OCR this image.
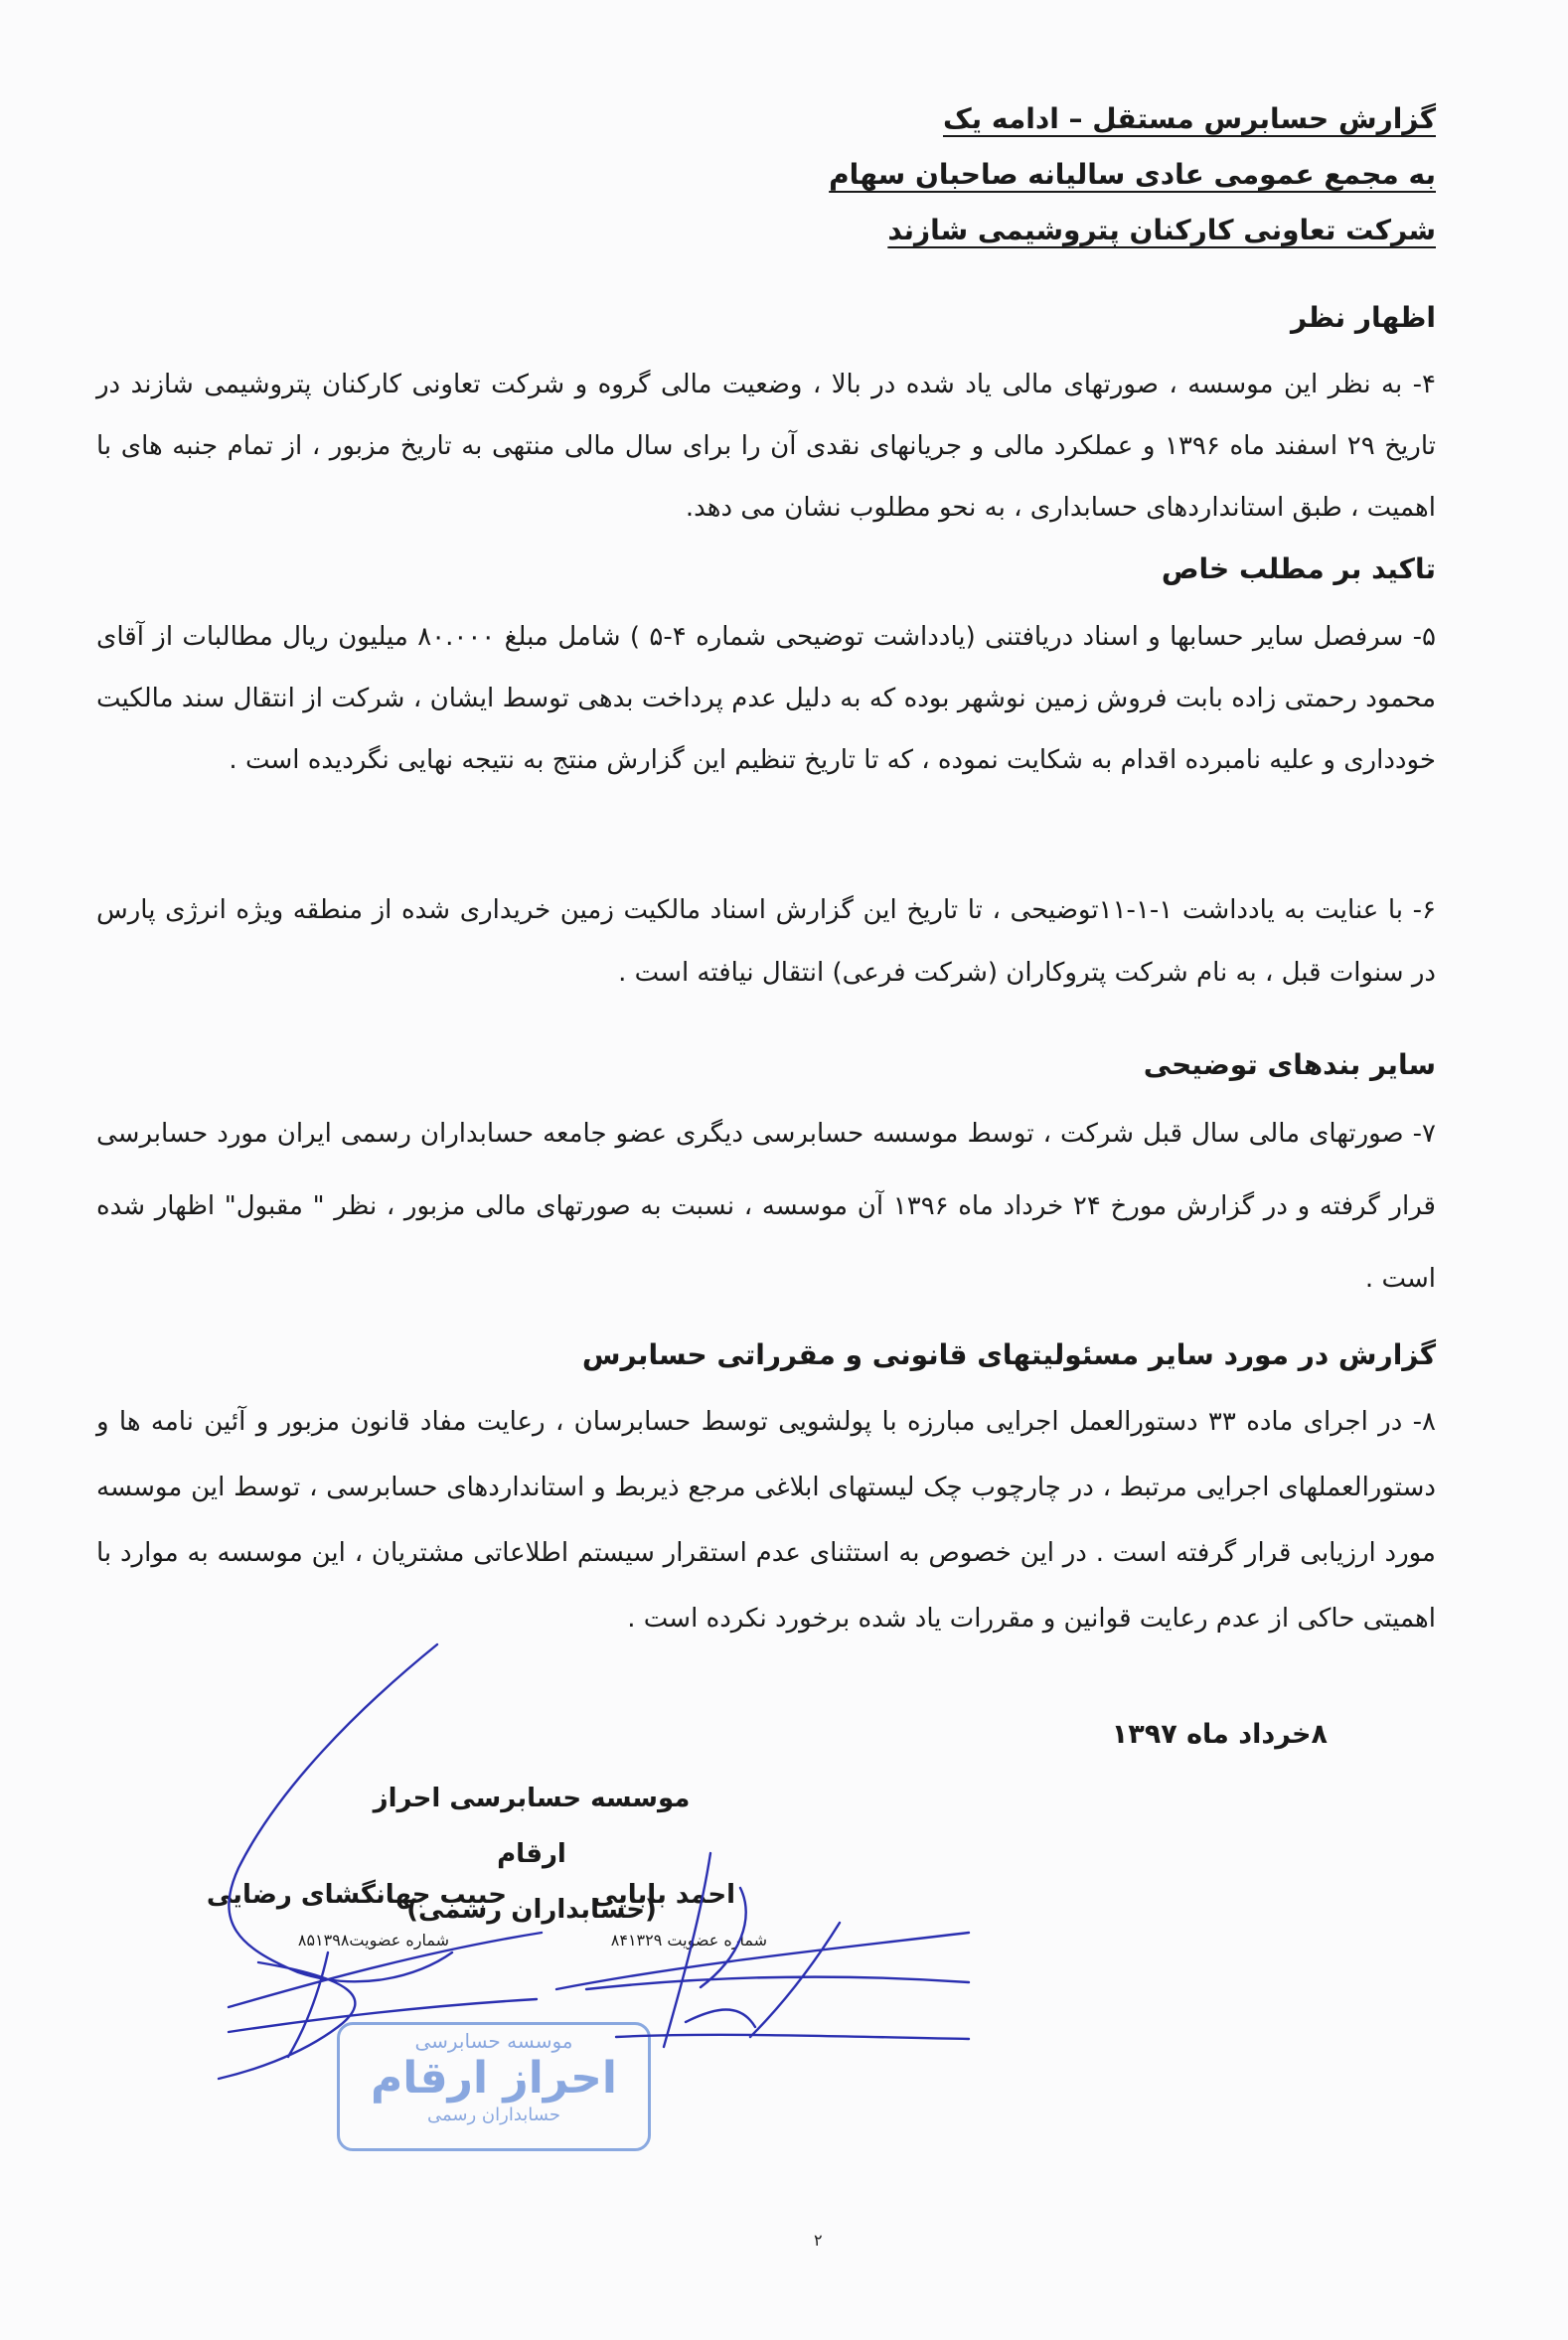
گزارش حسابرس مستقل – ادامه یک
به مجمع عمومی عادی سالیانه صاحبان سهام
شرکت تعاونی کارکنان پتروشیمی شازند
اظهار نظر
۴- به نظر این موسسه ، صورتهای مالی یاد شده در بالا ، وضعیت مالی گروه و شرکت تعاونی کارکنان پتروشیمی شازند در تاریخ ۲۹ اسفند ماه ۱۳۹۶ و عملکرد مالی و جریانهای نقدی آن را برای سال مالی منتهی به تاریخ مزبور ، از تمام جنبه های با اهمیت ، طبق استانداردهای حسابداری ، به نحو مطلوب نشان می دهد.
تاکید بر مطلب خاص
۵- سرفصل سایر حسابها و اسناد دریافتنی (یادداشت توضیحی شماره ۴-۵ ) شامل مبلغ ۸۰.۰۰۰ میلیون ریال مطالبات از آقای محمود رحمتی زاده بابت فروش زمین نوشهر بوده که به دلیل عدم پرداخت بدهی توسط ایشان ، شرکت از انتقال سند مالکیت خودداری و علیه نامبرده اقدام به شکایت نموده ، که تا تاریخ تنظیم این گزارش منتج به نتیجه نهایی نگردیده است .
۶- با عنایت به یادداشت ۱-۱-۱۱توضیحی ، تا تاریخ این گزارش اسناد مالکیت زمین خریداری شده از منطقه ویژه انرژی پارس در سنوات قبل ، به نام شرکت پتروکاران (شرکت فرعی) انتقال نیافته است .
سایر بندهای توضیحی
۷- صورتهای مالی سال قبل شرکت ، توسط موسسه حسابرسی دیگری عضو جامعه حسابداران رسمی ایران مورد حسابرسی قرار گرفته و در گزارش مورخ ۲۴ خرداد ماه ۱۳۹۶ آن موسسه ، نسبت به صورتهای مالی مزبور ، نظر " مقبول" اظهار شده است .
گزارش در مورد سایر مسئولیتهای قانونی و مقرراتی حسابرس
۸- در اجرای ماده ۳۳ دستورالعمل اجرایی مبارزه با پولشویی توسط حسابرسان ، رعایت مفاد قانون مزبور و آئین نامه ها و دستورالعملهای اجرایی مرتبط ، در چارچوب چک لیستهای ابلاغی مرجع ذیربط و استانداردهای حسابرسی ، توسط این موسسه مورد ارزیابی قرار گرفته است . در این خصوص به استثنای عدم استقرار سیستم اطلاعاتی مشتریان ، این موسسه به موارد با اهمیتی حاکی از عدم رعایت قوانین و مقررات یاد شده برخورد نکرده است .
۸خرداد ماه ۱۳۹۷
موسسه حسابرسی احراز ارقام
(حسابداران رسمی)
احمد بابایی
شماره عضویت ۸۴۱۳۲۹
حبیب جهانگشای رضایی
شماره عضویت۸۵۱۳۹۸
موسسه حسابرسی
احراز ارقام
حسابداران رسمی
۲
